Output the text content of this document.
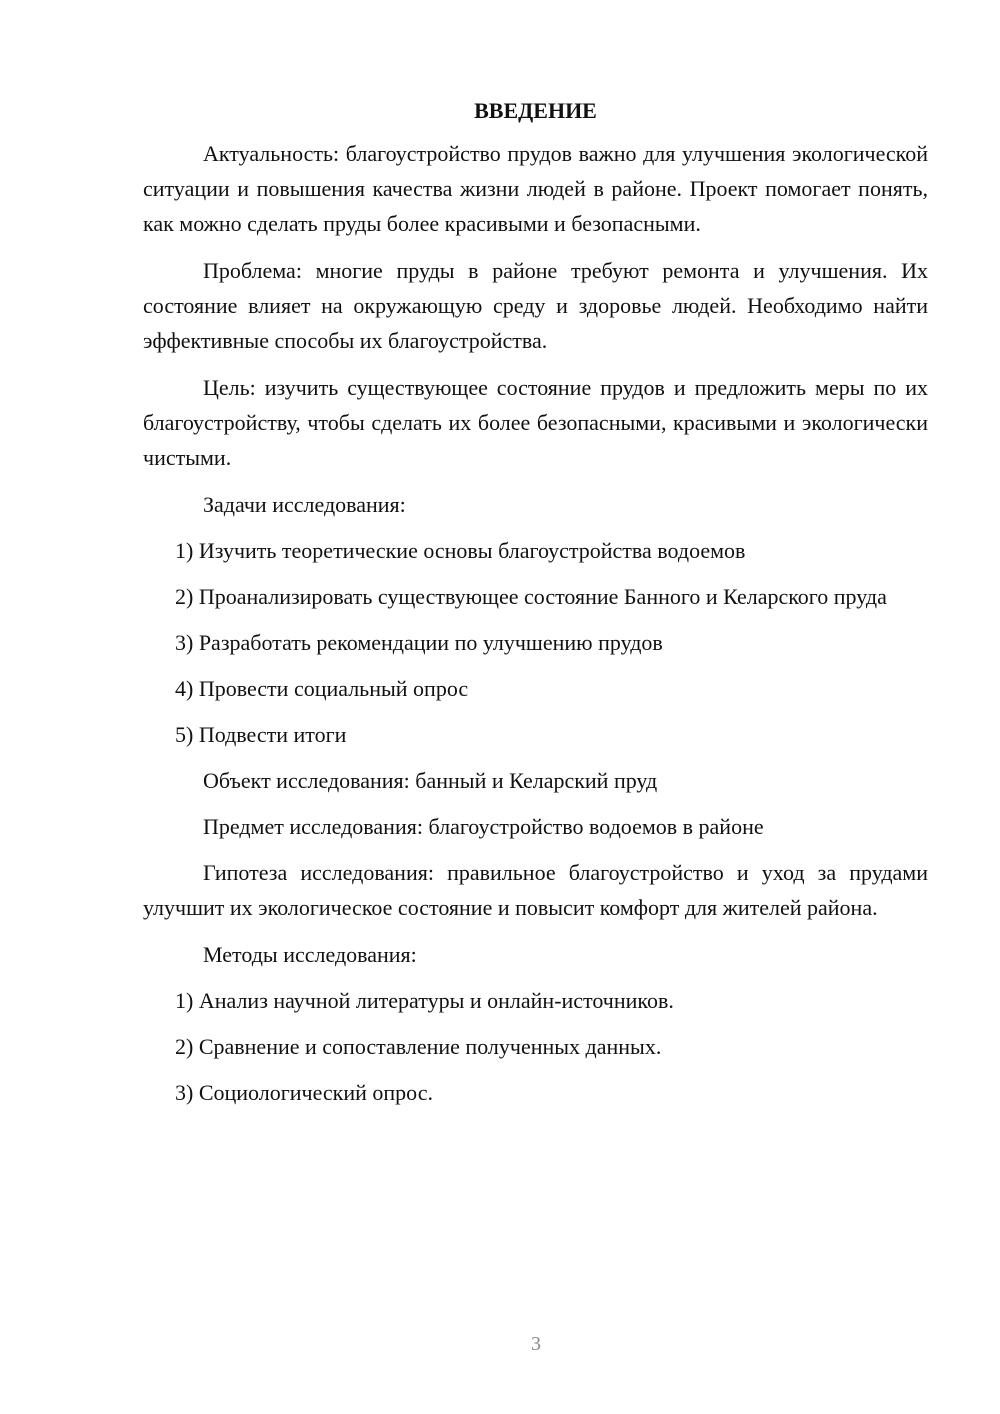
ВВЕДЕНИЕ

Актуальность: благоустройство прудов важно для улучшения экологической ситуации и повышения качества жизни людей в районе. Проект помогает понять, как можно сделать пруды более красивыми и безопасными.

Проблема: многие пруды в районе требуют ремонта и улучшения. Их состояние влияет на окружающую среду и здоровье людей. Необходимо найти эффективные способы их благоустройства.

Цель: изучить существующее состояние прудов и предложить меры по их благоустройству, чтобы сделать их более безопасными, красивыми и экологически чистыми.

Задачи исследования:

1) Изучить теоретические основы благоустройства водоемов

2) Проанализировать существующее состояние Банного и Келарского пруда

3) Разработать рекомендации по улучшению прудов

4) Провести социальный опрос

5) Подвести итоги

Объект исследования: банный и Келарский пруд

Предмет исследования: благоустройство водоемов в районе

Гипотеза исследования: правильное благоустройство и уход за прудами улучшит их экологическое состояние и повысит комфорт для жителей района.

Методы исследования:

1) Анализ научной литературы и онлайн-источников.

2) Сравнение и сопоставление полученных данных.

3) Социологический опрос.

3
